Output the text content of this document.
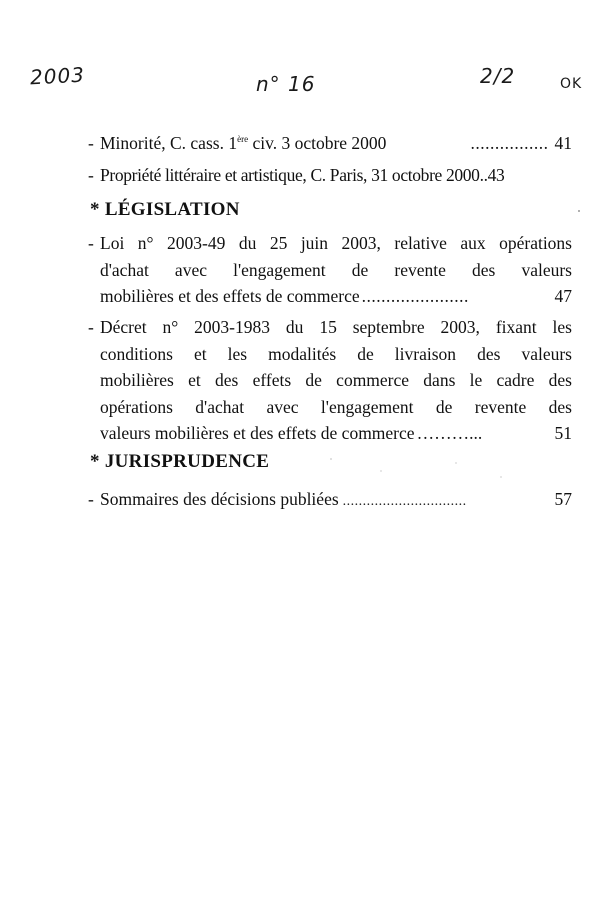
2003	n° 16	2/2	OK
- Minorité, C. cass. 1ère civ. 3 octobre 2000	................ 41
- Propriété littéraire et artistique, C. Paris, 31 octobre 2000.. 43
* LÉGISLATION
- Loi n° 2003-49 du 25 juin 2003, relative aux opérations
d'achat avec l'engagement de revente des valeurs
mobilières et des effets de commerce ......................	47
- Décret n° 2003-1983 du 15 septembre 2003, fixant les
conditions et les modalités de livraison des valeurs
mobilières et des effets de commerce dans le cadre des
opérations d'achat avec l'engagement de revente des
valeurs mobilières et des effets de commerce ………...	51
* JURISPRUDENCE
- Sommaires des décisions publiées ...............................	57
